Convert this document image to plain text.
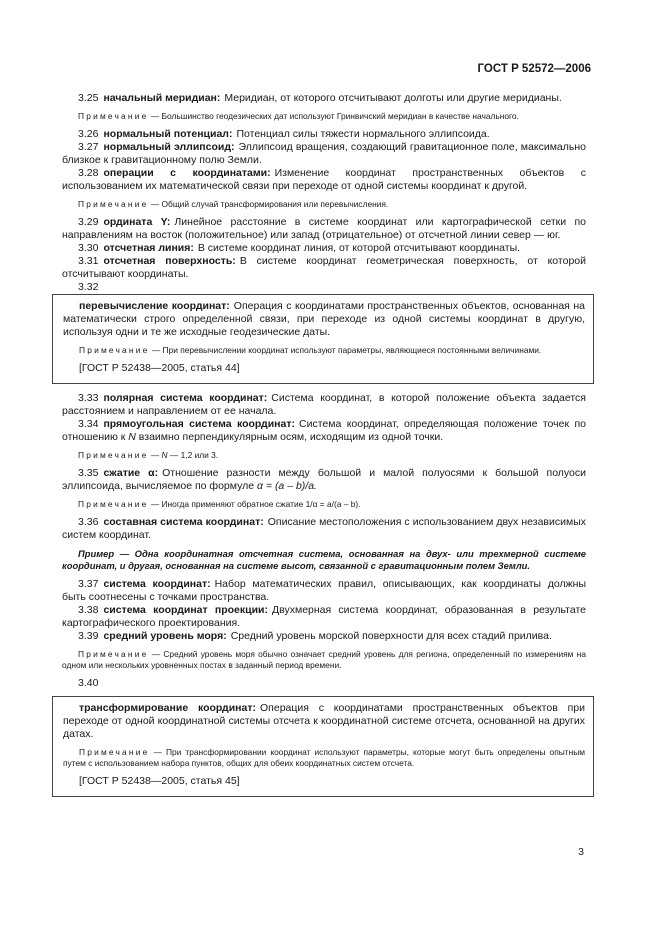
ГОСТ Р 52572—2006

3.25 начальный меридиан: Меридиан, от которого отсчитывают долготы или другие меридианы.

Примечание — Большинство геодезических дат используют Гринвичский меридиан в качестве начального.

3.26 нормальный потенциал: Потенциал силы тяжести нормального эллипсоида.

3.27 нормальный эллипсоид: Эллипсоид вращения, создающий гравитационное поле, максимально близкое к гравитационному полю Земли.

3.28 операции с координатами: Изменение координат пространственных объектов с использованием их математической связи при переходе от одной системы координат к другой.

Примечание — Общий случай трансформирования или перевычисления.

3.29 ордината Y: Линейное расстояние в системе координат или картографической сетки по направлениям на восток (положительное) или запад (отрицательное) от отсчетной линии север — юг.

3.30 отсчетная линия: В системе координат линия, от которой отсчитывают координаты.

3.31 отсчетная поверхность: В системе координат геометрическая поверхность, от которой отсчитывают координаты.

3.32

перевычисление координат: Операция с координатами пространственных объектов, основанная на математически строго определенной связи, при переходе из одной системы координат в другую, используя одни и те же исходные геодезические даты.

Примечание — При перевычислении координат используют параметры, являющиеся постоянными величинами.

[ГОСТ Р 52438—2005, статья 44]

3.33 полярная система координат: Система координат, в которой положение объекта задается расстоянием и направлением от ее начала.

3.34 прямоугольная система координат: Система координат, определяющая положение точек по отношению к N взаимно перпендикулярным осям, исходящим из одной точки.

Примечание — N — 1,2 или 3.

3.35 сжатие α: Отношение разности между большой и малой полуосями к большой полуоси эллипсоида, вычисляемое по формуле α = (a – b)/a.

Примечание — Иногда применяют обратное сжатие 1/α = a/(a – b).

3.36 составная система координат: Описание местоположения с использованием двух независимых систем координат.

Пример — Одна координатная отсчетная система, основанная на двух- или трехмерной системе координат, и другая, основанная на системе высот, связанной с гравитационным полем Земли.

3.37 система координат: Набор математических правил, описывающих, как координаты должны быть соотнесены с точками пространства.

3.38 система координат проекции: Двухмерная система координат, образованная в результате картографического проектирования.

3.39 средний уровень моря: Средний уровень морской поверхности для всех стадий прилива.

Примечание — Средний уровень моря обычно означает средний уровень для региона, определенный по измерениям на одном или нескольких уровненных постах в заданный период времени.

3.40

трансформирование координат: Операция с координатами пространственных объектов при переходе от одной координатной системы отсчета к координатной системе отсчета, основанной на других датах.

Примечание — При трансформировании координат используют параметры, которые могут быть определены опытным путем с использованием набора пунктов, общих для обеих координатных систем отсчета.

[ГОСТ Р 52438—2005, статья 45]

3
